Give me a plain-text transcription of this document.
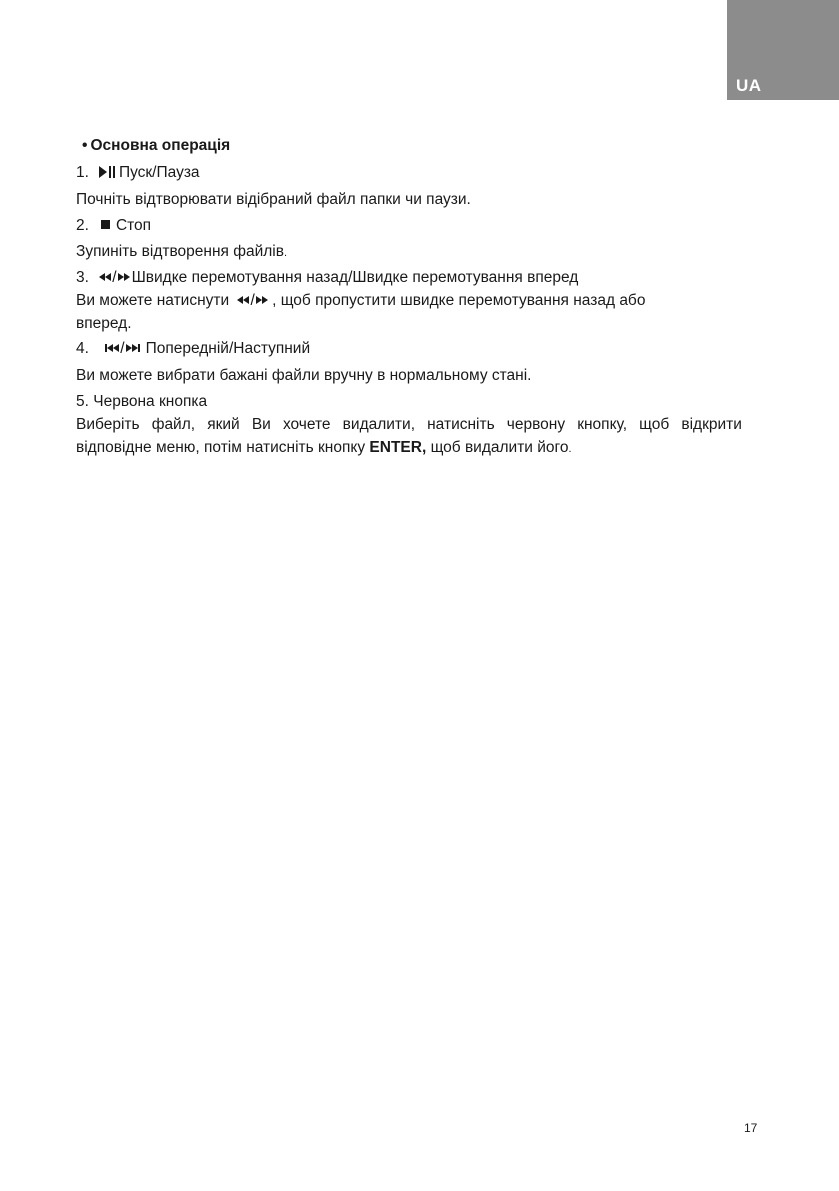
UA
• Основна операція
1. Пуск/Пауза
Почніть відтворювати відібраний файл папки чи паузи.
2. Стоп
Зупиніть відтворення файлів.
3. / Швидке перемотування назад/Швидке перемотування вперед
Ви можете натиснути / , щоб пропустити швидке перемотування назад або
вперед.
4. / Попередній/Наступний
Ви можете вибрати бажані файли вручну в нормальному стані.
5. Червона кнопка
Виберіть файл, який Ви хочете видалити, натисніть червону кнопку, щоб відкрити
відповідне меню, потім натисніть кнопку ENTER, щоб видалити його.
17
